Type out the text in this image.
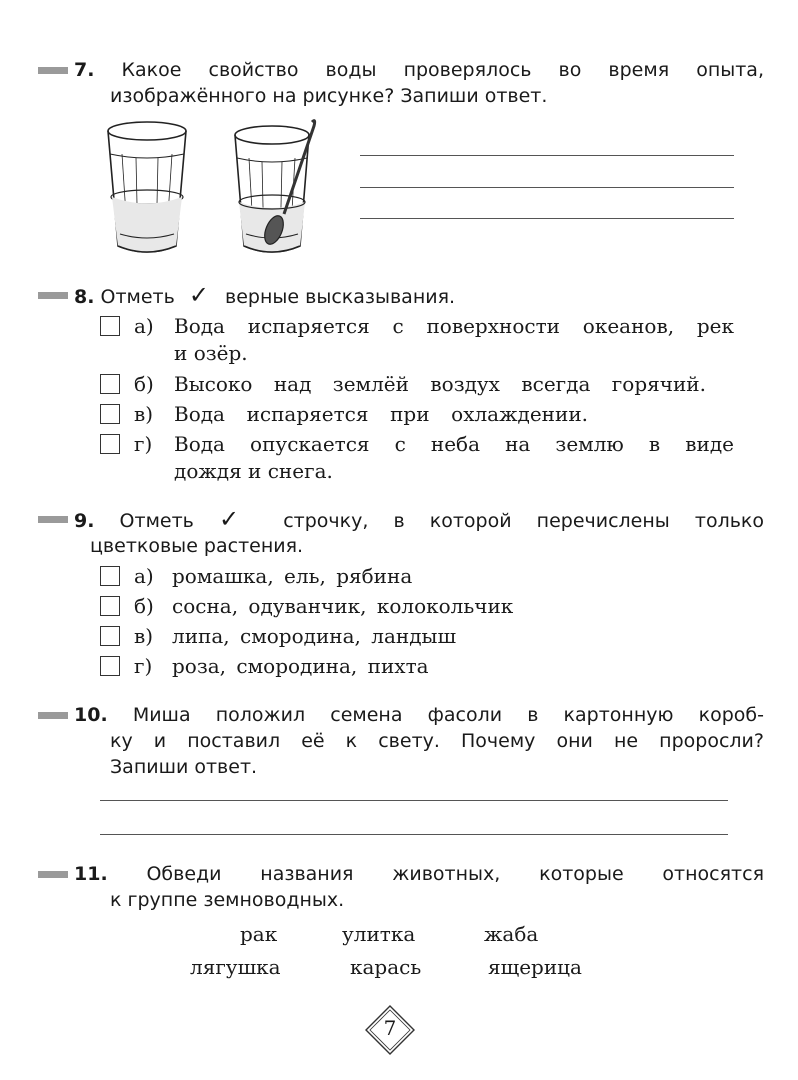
7. Какое свойство воды проверялось во время опыта,
изображённого на рисунке? Запиши ответ.
8. Отметь ✓ верные высказывания.
а) Вода испаряется с поверхности океанов, рек
и озёр.
б) Высоко над землёй воздух всегда горячий.
в) Вода испаряется при охлаждении.
г) Вода опускается с неба на землю в виде
дождя и снега.
9. Отметь ✓ строчку, в которой перечислены только
цветковые растения.
а) ромашка, ель, рябина
б) сосна, одуванчик, колокольчик
в) липа, смородина, ландыш
г) роза, смородина, пихта
10. Миша положил семена фасоли в картонную короб-
ку и поставил её к свету. Почему они не проросли?
Запиши ответ.
11. Обведи названия животных, которые относятся
к группе земноводных.
рак	улитка	жаба
лягушка	карась	ящерица
7
